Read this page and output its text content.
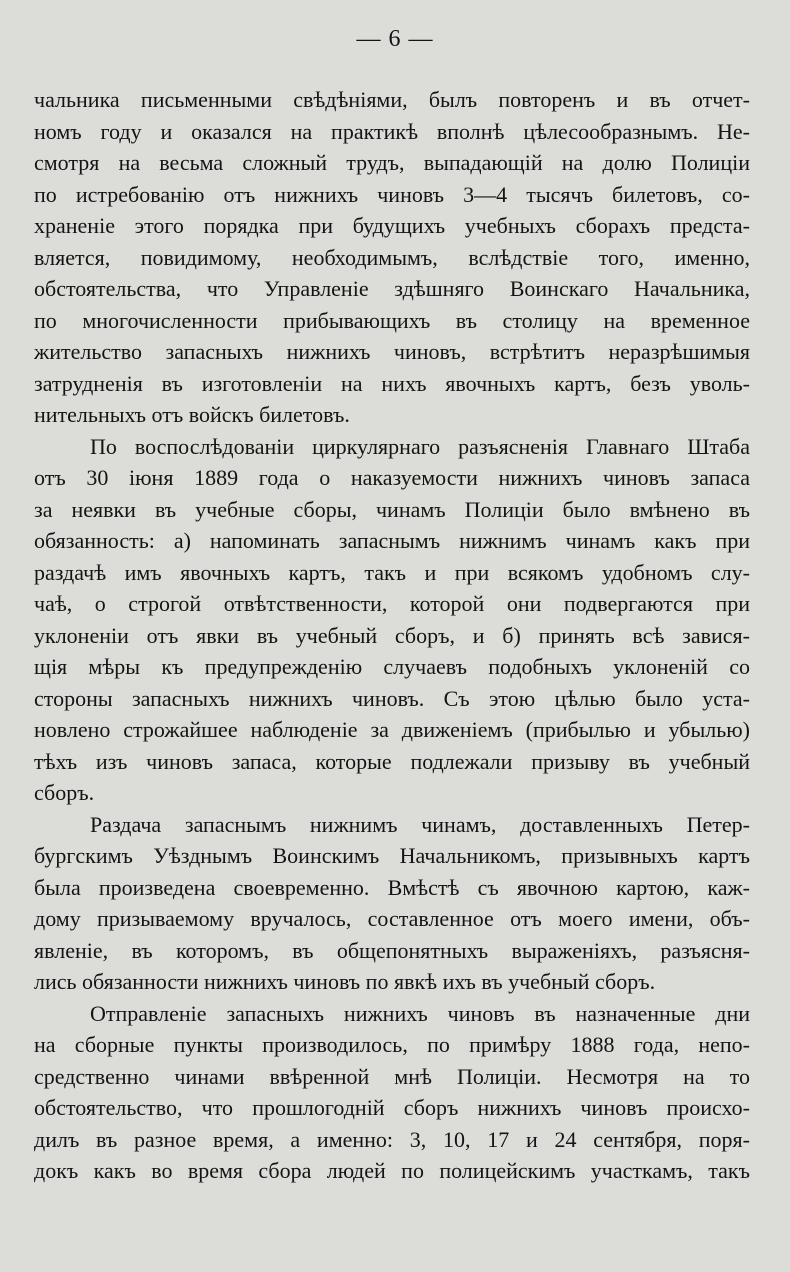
— 6 —
чальника письменными свѣдѣніями, былъ повторенъ и въ отчет-
номъ году и оказался на практикѣ вполнѣ цѣлесообразнымъ. Не-
смотря на весьма сложный трудъ, выпадающій на долю Полиціи
по истребованію отъ нижнихъ чиновъ 3—4 тысячъ билетовъ, со-
храненіе этого порядка при будущихъ учебныхъ сборахъ предста-
вляется, повидимому, необходимымъ, вслѣдствіе того, именно,
обстоятельства, что Управленіе здѣшняго Воинскаго Начальника,
по многочисленности прибывающихъ въ столицу на временное
жительство запасныхъ нижнихъ чиновъ, встрѣтитъ неразрѣшимыя
затрудненія въ изготовленіи на нихъ явочныхъ картъ, безъ уволь-
нительныхъ отъ войскъ билетовъ.
По воспослѣдованіи циркулярнаго разъясненія Главнаго Штаба
отъ 30 іюня 1889 года о наказуемости нижнихъ чиновъ запаса
за неявки въ учебные сборы, чинамъ Полиціи было вмѣнено въ
обязанность: а) напоминать запаснымъ нижнимъ чинамъ какъ при
раздачѣ имъ явочныхъ картъ, такъ и при всякомъ удобномъ слу-
чаѣ, о строгой отвѣтственности, которой они подвергаются при
уклоненіи отъ явки въ учебный сборъ, и б) принять всѣ завися-
щія мѣры къ предупрежденію случаевъ подобныхъ уклоненій со
стороны запасныхъ нижнихъ чиновъ. Съ этою цѣлью было уста-
новлено строжайшее наблюденіе за движеніемъ (прибылью и убылью)
тѣхъ изъ чиновъ запаса, которые подлежали призыву въ учебный
сборъ.
Раздача запаснымъ нижнимъ чинамъ, доставленныхъ Петер-
бургскимъ Уѣзднымъ Воинскимъ Начальникомъ, призывныхъ картъ
была произведена своевременно. Вмѣстѣ съ явочною картою, каж-
дому призываемому вручалось, составленное отъ моего имени, объ-
явленіе, въ которомъ, въ общепонятныхъ выраженіяхъ, разъясня-
лись обязанности нижнихъ чиновъ по явкѣ ихъ въ учебный сборъ.
Отправленіе запасныхъ нижнихъ чиновъ въ назначенные дни
на сборные пункты производилось, по примѣру 1888 года, непо-
средственно чинами ввѣренной мнѣ Полиціи. Несмотря на то
обстоятельство, что прошлогодній сборъ нижнихъ чиновъ происхо-
дилъ въ разное время, а именно: 3, 10, 17 и 24 сентября, поря-
докъ какъ во время сбора людей по полицейскимъ участкамъ, такъ
